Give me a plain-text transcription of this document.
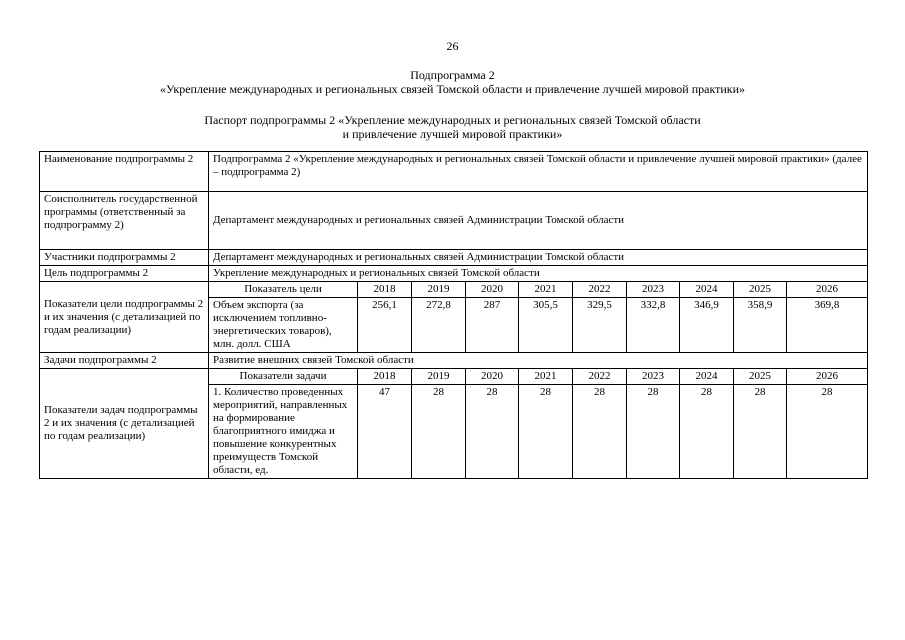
26
Подпрограмма 2
«Укрепление международных и региональных связей Томской области и привлечение лучшей мировой практики»
Паспорт подпрограммы 2 «Укрепление международных и региональных связей Томской области
и привлечение лучшей мировой практики»
Наименование подпрограммы 2	Подпрограмма 2 «Укрепление международных и региональных связей Томской области и привлечение лучшей мировой практики» (далее – подпрограмма 2)									
Соисполнитель государственной программы (ответственный за подпрограмму 2)	Департамент международных и региональных связей Администрации Томской области									
Участники подпрограммы 2	Департамент международных и региональных связей Администрации Томской области									
Цель подпрограммы 2	Укрепление международных и региональных связей Томской области									
Показатели цели подпрограммы 2 и их значения (с детализацией по годам реализации)	Показатель цели	2018	2019	2020	2021	2022	2023	2024	2025	2026
	Объем экспорта (за исключением топливно-энергетических товаров), млн. долл. США	256,1	272,8	287	305,5	329,5	332,8	346,9	358,9	369,8
Задачи подпрограммы 2	Развитие внешних связей Томской области									
Показатели задач подпрограммы 2 и их значения (с детализацией по годам реализации)	Показатели задачи	2018	2019	2020	2021	2022	2023	2024	2025	2026
	1. Количество проведенных мероприятий, направленных на формирование благоприятного имиджа и повышение конкурентных преимуществ Томской области, ед.	47	28	28	28	28	28	28	28	28
